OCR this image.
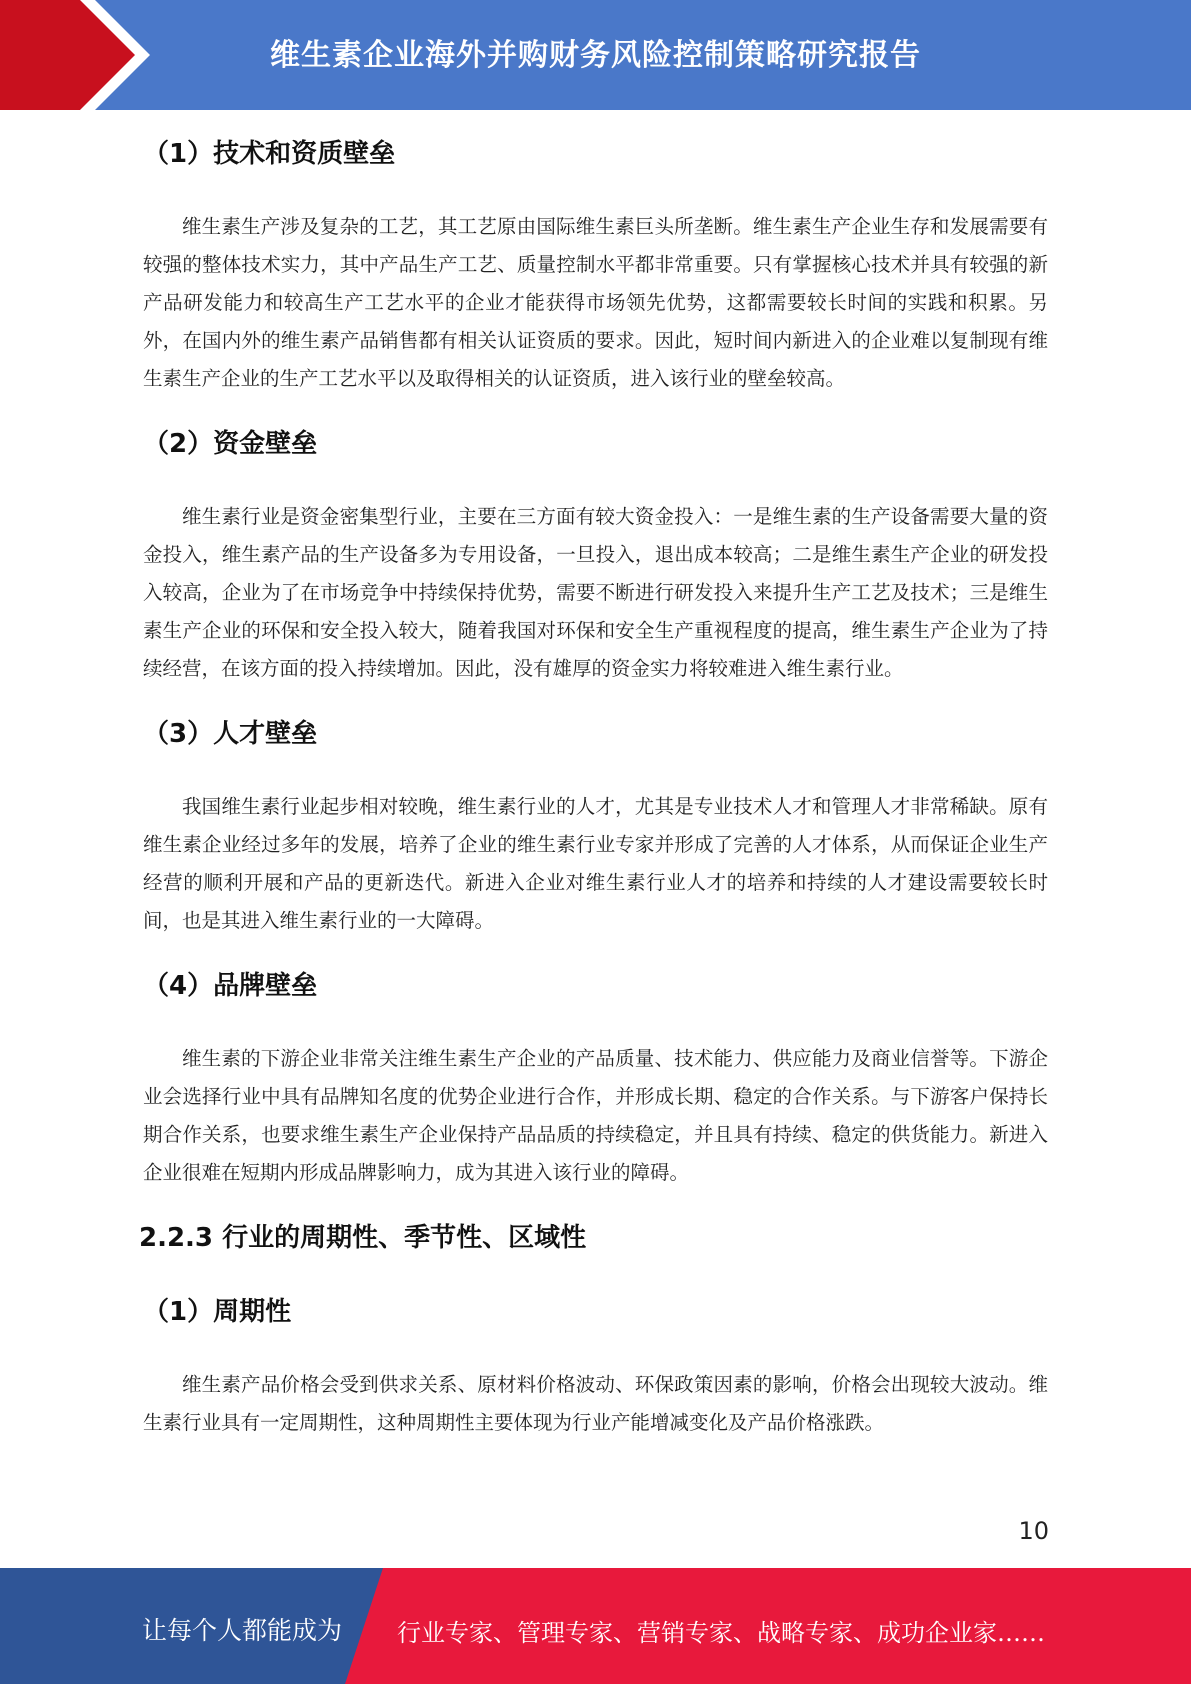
维生素企业海外并购财务风险控制策略研究报告
（1）技术和资质壁垒

维生素生产涉及复杂的工艺，其工艺原由国际维生素巨头所垄断。维生素生产企业生存和发展需要有较强的整体技术实力，其中产品生产工艺、质量控制水平都非常重要。只有掌握核心技术并具有较强的新产品研发能力和较高生产工艺水平的企业才能获得市场领先优势，这都需要较长时间的实践和积累。另外，在国内外的维生素产品销售都有相关认证资质的要求。因此，短时间内新进入的企业难以复制现有维生素生产企业的生产工艺水平以及取得相关的认证资质，进入该行业的壁垒较高。

（2）资金壁垒

维生素行业是资金密集型行业，主要在三方面有较大资金投入：一是维生素的生产设备需要大量的资金投入，维生素产品的生产设备多为专用设备，一旦投入，退出成本较高；二是维生素生产企业的研发投入较高，企业为了在市场竞争中持续保持优势，需要不断进行研发投入来提升生产工艺及技术；三是维生素生产企业的环保和安全投入较大，随着我国对环保和安全生产重视程度的提高，维生素生产企业为了持续经营，在该方面的投入持续增加。因此，没有雄厚的资金实力将较难进入维生素行业。

（3）人才壁垒

我国维生素行业起步相对较晚，维生素行业的人才，尤其是专业技术人才和管理人才非常稀缺。原有维生素企业经过多年的发展，培养了企业的维生素行业专家并形成了完善的人才体系，从而保证企业生产经营的顺利开展和产品的更新迭代。新进入企业对维生素行业人才的培养和持续的人才建设需要较长时间，也是其进入维生素行业的一大障碍。

（4）品牌壁垒

维生素的下游企业非常关注维生素生产企业的产品质量、技术能力、供应能力及商业信誉等。下游企业会选择行业中具有品牌知名度的优势企业进行合作，并形成长期、稳定的合作关系。与下游客户保持长期合作关系，也要求维生素生产企业保持产品品质的持续稳定，并且具有持续、稳定的供货能力。新进入企业很难在短期内形成品牌影响力，成为其进入该行业的障碍。

2.2.3 行业的周期性、季节性、区域性
（1）周期性

维生素产品价格会受到供求关系、原材料价格波动、环保政策因素的影响，价格会出现较大波动。维生素行业具有一定周期性，这种周期性主要体现为行业产能增减变化及产品价格涨跌。

10
让每个人都能成为 行业专家、管理专家、营销专家、战略专家、成功企业家……
